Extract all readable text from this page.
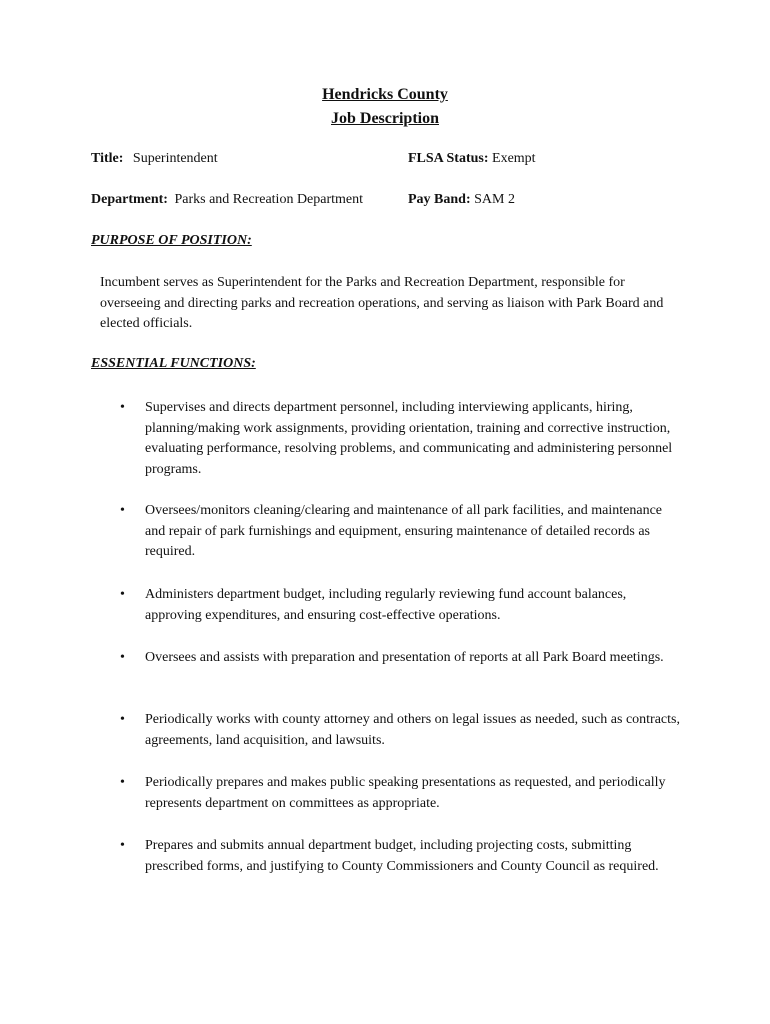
Hendricks County
Job Description
Title: Superintendent	FLSA Status: Exempt
Department: Parks and Recreation Department	Pay Band: SAM 2
PURPOSE OF POSITION:
Incumbent serves as Superintendent for the Parks and Recreation Department, responsible for overseeing and directing parks and recreation operations, and serving as liaison with Park Board and elected officials.
ESSENTIAL FUNCTIONS:
• Supervises and directs department personnel, including interviewing applicants, hiring, planning/making work assignments, providing orientation, training and corrective instruction, evaluating performance, resolving problems, and communicating and administering personnel programs.
• Oversees/monitors cleaning/clearing and maintenance of all park facilities, and maintenance and repair of park furnishings and equipment, ensuring maintenance of detailed records as required.
• Administers department budget, including regularly reviewing fund account balances, approving expenditures, and ensuring cost-effective operations.
• Oversees and assists with preparation and presentation of reports at all Park Board meetings.
• Periodically works with county attorney and others on legal issues as needed, such as contracts, agreements, land acquisition, and lawsuits.
• Periodically prepares and makes public speaking presentations as requested, and periodically represents department on committees as appropriate.
• Prepares and submits annual department budget, including projecting costs, submitting prescribed forms, and justifying to County Commissioners and County Council as required.
